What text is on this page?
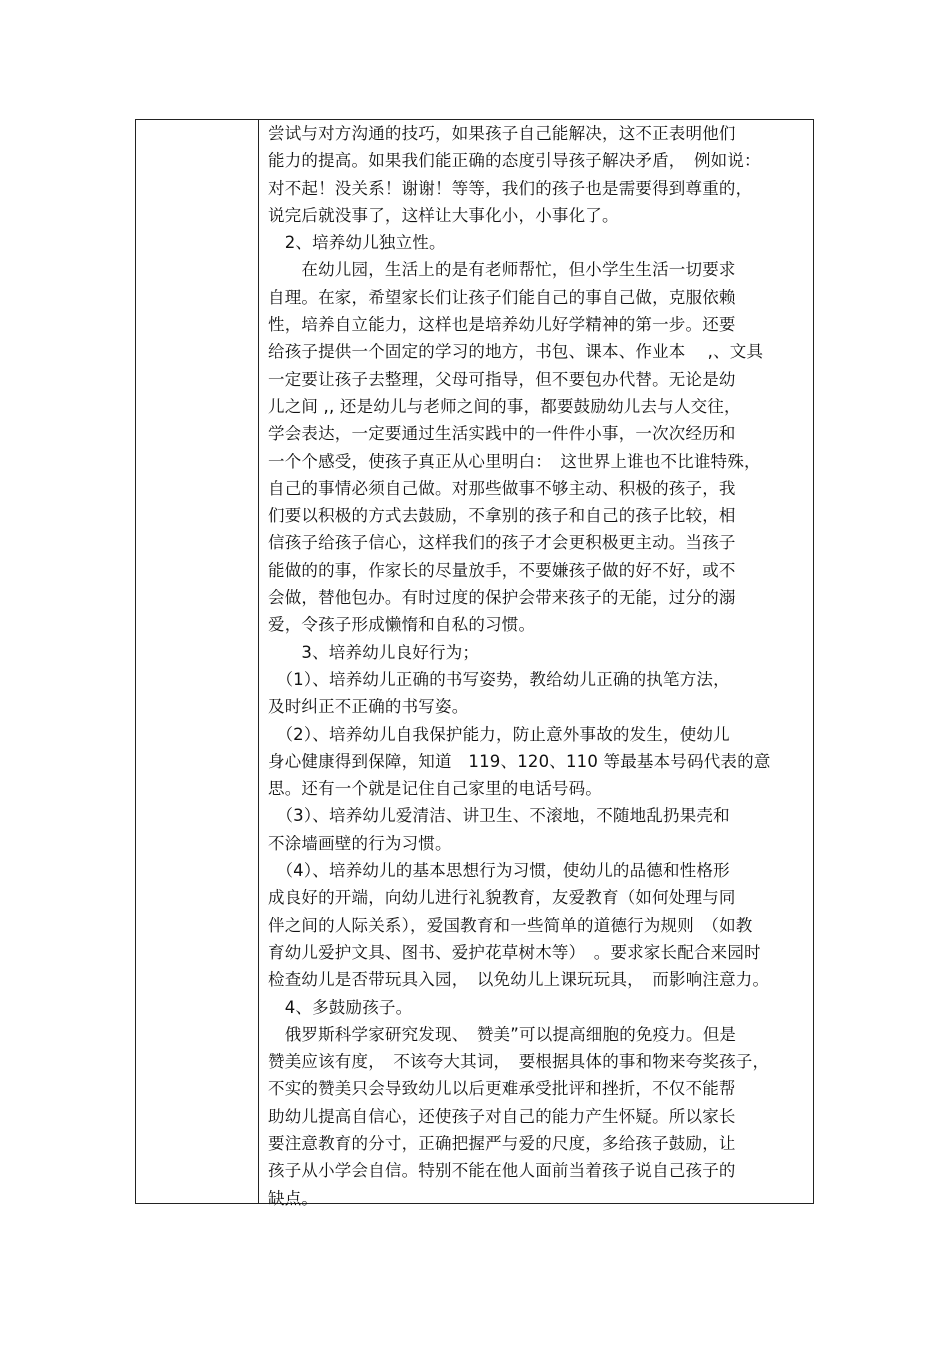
尝试与对方沟通的技巧，如果孩子自己能解决，这不正表明他们
能力的提高。如果我们能正确的态度引导孩子解决矛盾，　例如说：
对不起！没关系！谢谢！等等，我们的孩子也是需要得到尊重的，
说完后就没事了，这样让大事化小，小事化了。
　2、培养幼儿独立性。
　　在幼儿园，生活上的是有老师帮忙，但小学生生活一切要求
自理。在家，希望家长们让孩子们能自己的事自己做，克服依赖
性，培养自立能力，这样也是培养幼儿好学精神的第一步。还要
给孩子提供一个固定的学习的地方，书包、课本、作业本　 ,、文具
一定要让孩子去整理，父母可指导，但不要包办代替。无论是幼
儿之间 ,, 还是幼儿与老师之间的事，都要鼓励幼儿去与人交往，
学会表达，一定要通过生活实践中的一件件小事，一次次经历和
一个个感受，使孩子真正从心里明白：　这世界上谁也不比谁特殊，
自己的事情必须自己做。对那些做事不够主动、积极的孩子，我
们要以积极的方式去鼓励，不拿别的孩子和自己的孩子比较，相
信孩子给孩子信心，这样我们的孩子才会更积极更主动。当孩子
能做的的事，作家长的尽量放手，不要嫌孩子做的好不好，或不
会做，替他包办。有时过度的保护会带来孩子的无能，过分的溺
爱，令孩子形成懒惰和自私的习惯。
　　3、培养幼儿良好行为；
　（1）、培养幼儿正确的书写姿势，教给幼儿正确的执笔方法，
及时纠正不正确的书写姿。
　（2）、培养幼儿自我保护能力，防止意外事故的发生，使幼儿
身心健康得到保障，知道　119、120、110 等最基本号码代表的意
思。还有一个就是记住自己家里的电话号码。
　（3）、培养幼儿爱清洁、讲卫生、不滚地，不随地乱扔果壳和
不涂墙画壁的行为习惯。
　（4）、培养幼儿的基本思想行为习惯，使幼儿的品德和性格形
成良好的开端，向幼儿进行礼貌教育，友爱教育（如何处理与同
伴之间的人际关系），爱国教育和一些简单的道德行为规则　（如教
育幼儿爱护文具、图书、爱护花草树木等）　。要求家长配合来园时
检查幼儿是否带玩具入园，　以免幼儿上课玩玩具，　而影响注意力。
　4、多鼓励孩子。
　俄罗斯科学家研究发现、　赞美”可以提高细胞的免疫力。但是
赞美应该有度，　不该夸大其词，　要根据具体的事和物来夸奖孩子，
不实的赞美只会导致幼儿以后更难承受批评和挫折，不仅不能帮
助幼儿提高自信心，还使孩子对自己的能力产生怀疑。所以家长
要注意教育的分寸，正确把握严与爱的尺度，多给孩子鼓励，让
孩子从小学会自信。特别不能在他人面前当着孩子说自己孩子的
缺点。
